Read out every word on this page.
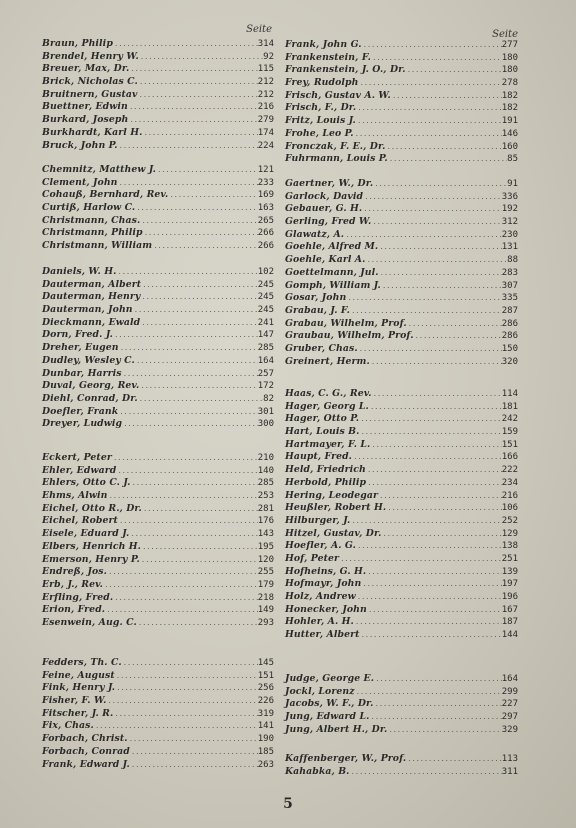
Seite
Braun, Philip .....	314
Brendel, Henry W. .....	92
Breuer, Max, Dr. .....	115
Brick, Nicholas C. .....	212
Bruitnern, Gustav .....	212
Buettner, Edwin .....	216
Burkard, Joseph .....	279
Burkhardt, Karl H. .....	174
Bruck, John P. .....	224
Chemnitz, Matthew J. .....	121
Clement, John .....	233
Cohauß, Bernhard, Rev. .....	169
Curtiß, Harlow C. .....	163
Christmann, Chas. .....	265
Christmann, Philip .....	266
Christmann, William .....	266
Daniels, W. H. .....	102
Dauterman, Albert .....	245
Dauterman, Henry .....	245
Dauterman, John .....	245
Dieckmann, Ewald .....	241
Dorn, Fred. J. .....	147
Dreher, Eugen .....	285
Dudley, Wesley C. .....	164
Dunbar, Harris .....	257
Duval, Georg, Rev. .....	172
Diehl, Conrad, Dr. .....	82
Doefler, Frank .....	301
Dreyer, Ludwig .....	300
Eckert, Peter .....	210
Ehler, Edward .....	140
Ehlers, Otto C. J. .....	285
Ehms, Alwin .....	253
Eichel, Otto R., Dr. .....	281
Eichel, Robert .....	176
Eisele, Eduard J. .....	143
Elbers, Henrich H. .....	195
Emerson, Henry P. .....	120
Endreß, Jos. .....	255
Erb, J., Rev. .....	179
Erfling, Fred. .....	218
Erion, Fred. .....	149
Esenwein, Aug. C. .....	293
Fedders, Th. C. .....	145
Feine, August .....	151
Fink, Henry J. .....	256
Fisher, F. W. .....	226
Fitscher, J. R. .....	319
Fix, Chas. .....	141
Forbach, Christ. .....	190
Forbach, Conrad .....	185
Frank, Edward J. .....	263
Seite
Frank, John G. .....	277
Frankenstein, F. .....	180
Frankenstein, J. O., Dr. .....	180
Frey, Rudolph .....	278
Frisch, Gustav A. W. .....	182
Frisch, F., Dr. .....	182
Fritz, Louis J. .....	191
Frohe, Leo P. .....	146
Fronczak, F. E., Dr. .....	160
Fuhrmann, Louis P. .....	85
Gaertner, W., Dr. .....	91
Garlock, David .....	336
Gebauer, G. H. .....	192
Gerling, Fred W. .....	312
Glawatz, A. .....	230
Goehle, Alfred M. .....	131
Goehle, Karl A. .....	88
Goettelmann, Jul. .....	283
Gomph, William J. .....	307
Gosar, John .....	335
Grabau, J. F. .....	287
Grabau, Wilhelm, Prof. .....	286
Graubau, Wilhelm, Prof. .....	286
Gruber, Chas. .....	150
Greinert, Herm. .....	320
Haas, C. G., Rev. .....	114
Hager, Georg L. .....	181
Hager, Otto P. .....	242
Hart, Louis B. .....	159
Hartmayer, F. L. .....	151
Haupt, Fred. .....	166
Held, Friedrich .....	222
Herbold, Philip .....	234
Hering, Leodegar .....	216
Heußler, Robert H. .....	106
Hilburger, J. .....	252
Hitzel, Gustav, Dr. .....	129
Hoefler, A. G. .....	138
Hof, Peter .....	251
Hofheins, G. H. .....	139
Hofmayr, John .....	197
Holz, Andrew .....	196
Honecker, John .....	167
Hohler, A. H. .....	187
Hutter, Albert .....	144
Judge, George E. .....	164
Jockl, Lorenz .....	299
Jacobs, W. F., Dr. .....	227
Jung, Edward L. .....	297
Jung, Albert H., Dr. .....	329
Kaffenberger, W., Prof. .....	113
Kahabka, B. .....	311
5
